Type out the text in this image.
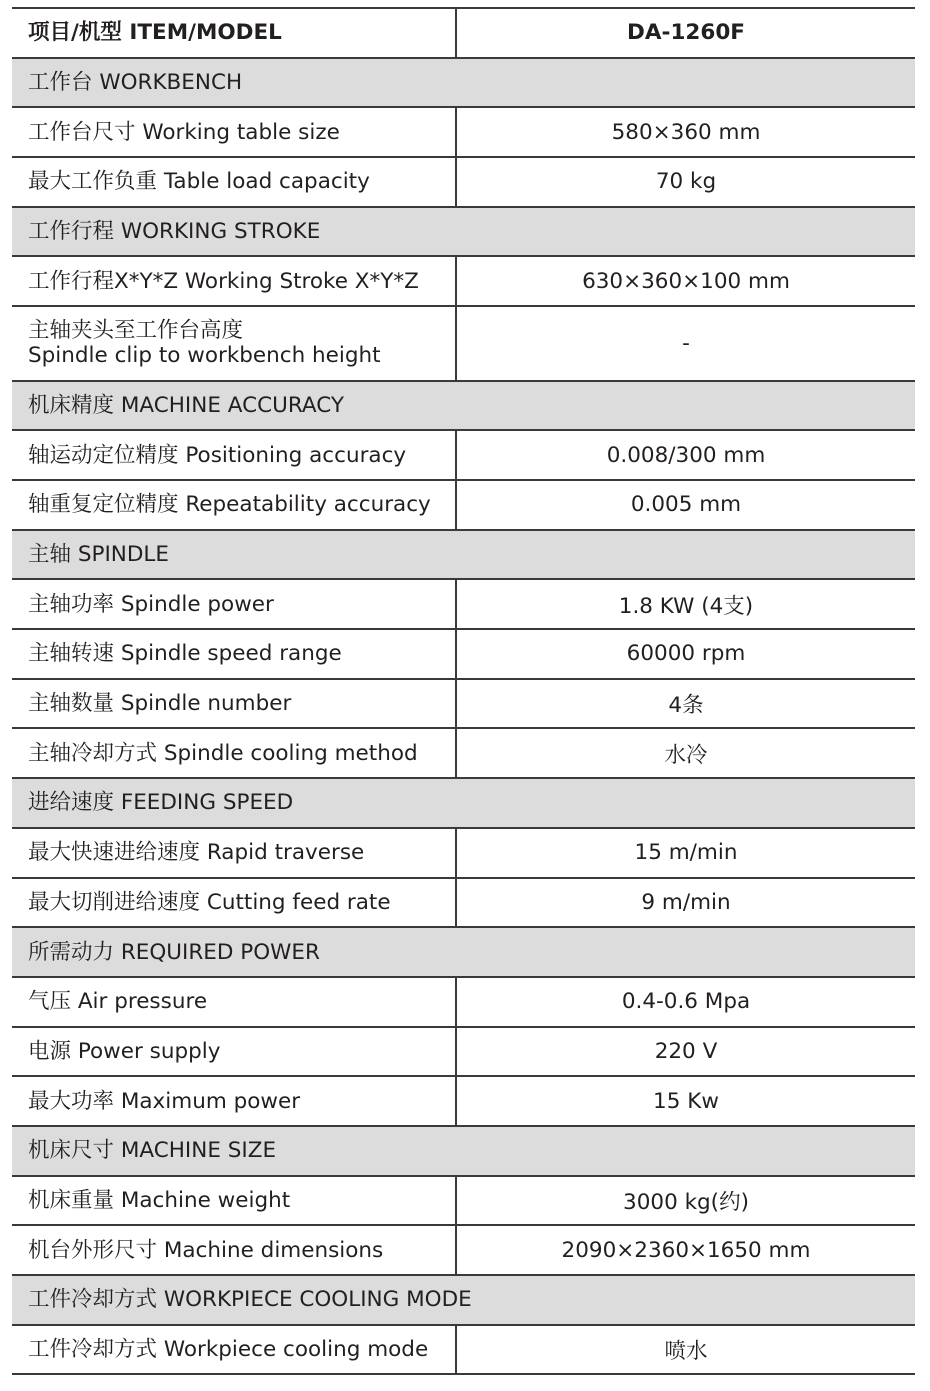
项目/机型 ITEM/MODEL	DA-1260F
工作台 WORKBENCH
工作台尺寸 Working table size	580×360 mm
最大工作负重 Table load capacity	70 kg
工作行程 WORKING STROKE
工作行程X*Y*Z Working Stroke X*Y*Z	630×360×100 mm
主轴夹头至工作台高度
Spindle clip to workbench height	-
机床精度 MACHINE ACCURACY
轴运动定位精度 Positioning accuracy	0.008/300 mm
轴重复定位精度 Repeatability accuracy	0.005 mm
主轴 SPINDLE
主轴功率 Spindle power	1.8 KW (4支)
主轴转速 Spindle speed range	60000 rpm
主轴数量 Spindle number	4条
主轴冷却方式 Spindle cooling method	水冷
进给速度 FEEDING SPEED
最大快速进给速度 Rapid traverse	15 m/min
最大切削进给速度 Cutting feed rate	9 m/min
所需动力 REQUIRED POWER
气压 Air pressure	0.4-0.6 Mpa
电源 Power supply	220 V
最大功率 Maximum power	15 Kw
机床尺寸 MACHINE SIZE
机床重量 Machine weight	3000 kg(约)
机台外形尺寸 Machine dimensions	2090×2360×1650 mm
工件冷却方式 WORKPIECE COOLING MODE
工件冷却方式 Workpiece cooling mode	喷水
